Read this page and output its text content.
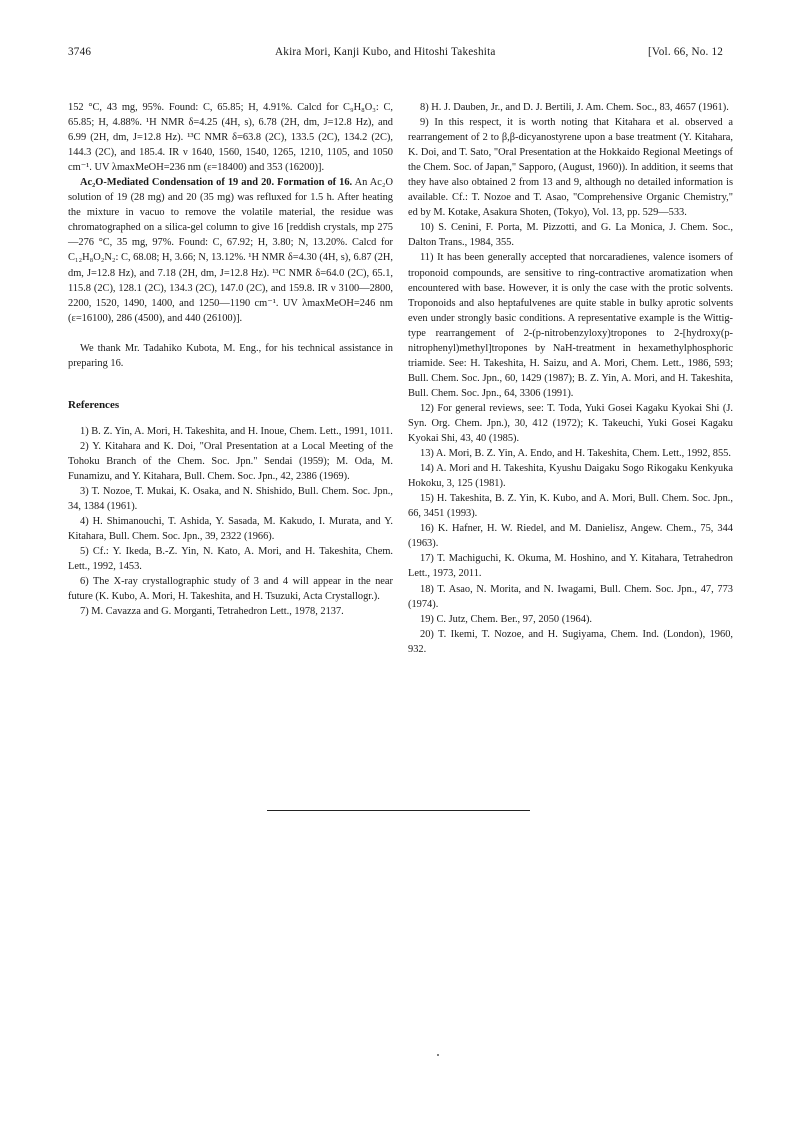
3746	Akira Mori, Kanji Kubo, and Hitoshi Takeshita	[Vol. 66, No. 12

152 °C, 43 mg, 95%. Found: C, 65.85; H, 4.91%. Calcd for C₉H₈O₃: C, 65.85; H, 4.88%. ¹H NMR δ=4.25 (4H, s), 6.78 (2H, dm, J=12.8 Hz), and 6.99 (2H, dm, J=12.8 Hz). ¹³C NMR δ=63.8 (2C), 133.5 (2C), 134.2 (2C), 144.3 (2C), and 185.4. IR ν 1640, 1560, 1540, 1265, 1210, 1105, and 1050 cm⁻¹. UV λmaxMeOH=236 nm (ε=18400) and 353 (16200)].

Ac₂O-Mediated Condensation of 19 and 20. Formation of 16. An Ac₂O solution of 19 (28 mg) and 20 (35 mg) was refluxed for 1.5 h. After heating the mixture in vacuo to remove the volatile material, the residue was chromatographed on a silica-gel column to give 16 [reddish crystals, mp 275—276 °C, 35 mg, 97%. Found: C, 67.92; H, 3.80; N, 13.20%. Calcd for C₁₂H₈O₂N₂: C, 68.08; H, 3.66; N, 13.12%. ¹H NMR δ=4.30 (4H, s), 6.87 (2H, dm, J=12.8 Hz), and 7.18 (2H, dm, J=12.8 Hz). ¹³C NMR δ=64.0 (2C), 65.1, 115.8 (2C), 128.1 (2C), 134.3 (2C), 147.0 (2C), and 159.8. IR ν 3100—2800, 2200, 1520, 1490, 1400, and 1250—1190 cm⁻¹. UV λmaxMeOH=246 nm (ε=16100), 286 (4500), and 440 (26100)].

We thank Mr. Tadahiko Kubota, M. Eng., for his technical assistance in preparing 16.

References

1) B. Z. Yin, A. Mori, H. Takeshita, and H. Inoue, Chem. Lett., 1991, 1011.

2) Y. Kitahara and K. Doi, "Oral Presentation at a Local Meeting of the Tohoku Branch of the Chem. Soc. Jpn." Sendai (1959); M. Oda, M. Funamizu, and Y. Kitahara, Bull. Chem. Soc. Jpn., 42, 2386 (1969).

3) T. Nozoe, T. Mukai, K. Osaka, and N. Shishido, Bull. Chem. Soc. Jpn., 34, 1384 (1961).

4) H. Shimanouchi, T. Ashida, Y. Sasada, M. Kakudo, I. Murata, and Y. Kitahara, Bull. Chem. Soc. Jpn., 39, 2322 (1966).

5) Cf.: Y. Ikeda, B.-Z. Yin, N. Kato, A. Mori, and H. Takeshita, Chem. Lett., 1992, 1453.

6) The X-ray crystallographic study of 3 and 4 will appear in the near future (K. Kubo, A. Mori, H. Takeshita, and H. Tsuzuki, Acta Crystallogr.).

7) M. Cavazza and G. Morganti, Tetrahedron Lett., 1978, 2137.

8) H. J. Dauben, Jr., and D. J. Bertili, J. Am. Chem. Soc., 83, 4657 (1961).

9) In this respect, it is worth noting that Kitahara et al. observed a rearrangement of 2 to β,β-dicyanostyrene upon a base treatment (Y. Kitahara, K. Doi, and T. Sato, "Oral Presentation at the Hokkaido Regional Meetings of the Chem. Soc. of Japan," Sapporo, (August, 1960)). In addition, it seems that they have also obtained 2 from 13 and 9, although no detailed information is available. Cf.: T. Nozoe and T. Asao, "Comprehensive Organic Chemistry," ed by M. Kotake, Asakura Shoten, (Tokyo), Vol. 13, pp. 529—533.

10) S. Cenini, F. Porta, M. Pizzotti, and G. La Monica, J. Chem. Soc., Dalton Trans., 1984, 355.

11) It has been generally accepted that norcaradienes, valence isomers of troponoid compounds, are sensitive to ring-contractive aromatization when encountered with base. However, it is only the case with the protic solvents. Troponoids and also heptafulvenes are quite stable in bulky aprotic solvents even under strongly basic conditions. A representative example is the Wittig-type rearrangement of 2-(p-nitrobenzyloxy)tropones to 2-[hydroxy(p-nitrophenyl)methyl]tropones by NaH-treatment in hexamethylphosphoric triamide. See: H. Takeshita, H. Saizu, and A. Mori, Chem. Lett., 1986, 593; Bull. Chem. Soc. Jpn., 60, 1429 (1987); B. Z. Yin, A. Mori, and H. Takeshita, Bull. Chem. Soc. Jpn., 64, 3306 (1991).

12) For general reviews, see: T. Toda, Yuki Gosei Kagaku Kyokai Shi (J. Syn. Org. Chem. Jpn.), 30, 412 (1972); K. Takeuchi, Yuki Gosei Kagaku Kyokai Shi, 43, 40 (1985).

13) A. Mori, B. Z. Yin, A. Endo, and H. Takeshita, Chem. Lett., 1992, 855.

14) A. Mori and H. Takeshita, Kyushu Daigaku Sogo Rikogaku Kenkyuka Hokoku, 3, 125 (1981).

15) H. Takeshita, B. Z. Yin, K. Kubo, and A. Mori, Bull. Chem. Soc. Jpn., 66, 3451 (1993).

16) K. Hafner, H. W. Riedel, and M. Danielisz, Angew. Chem., 75, 344 (1963).

17) T. Machiguchi, K. Okuma, M. Hoshino, and Y. Kitahara, Tetrahedron Lett., 1973, 2011.

18) T. Asao, N. Morita, and N. Iwagami, Bull. Chem. Soc. Jpn., 47, 773 (1974).

19) C. Jutz, Chem. Ber., 97, 2050 (1964).

20) T. Ikemi, T. Nozoe, and H. Sugiyama, Chem. Ind. (London), 1960, 932.
